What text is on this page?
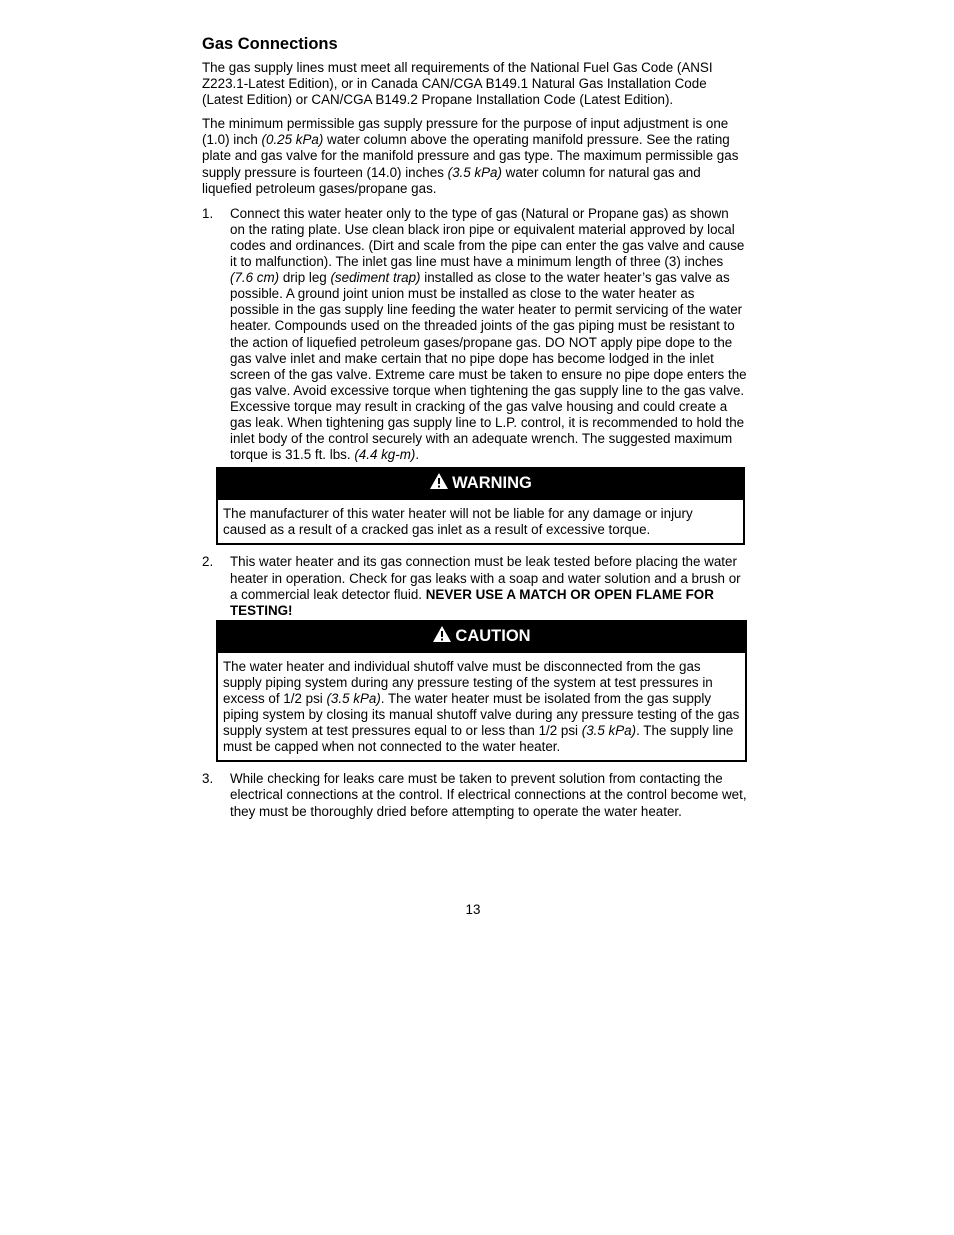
Gas Connections

The gas supply lines must meet all requirements of the National Fuel Gas Code (ANSI Z223.1-Latest Edition), or in Canada CAN/CGA B149.1 Natural Gas Installation Code (Latest Edition) or CAN/CGA B149.2 Propane Installation Code (Latest Edition).

The minimum permissible gas supply pressure for the purpose of input adjustment is one (1.0) inch (0.25 kPa) water column above the operating manifold pressure. See the rating plate and gas valve for the manifold pressure and gas type. The maximum permissible gas supply pressure is fourteen (14.0) inches (3.5 kPa) water column for natural gas and liquefied petroleum gases/propane gas.

1. Connect this water heater only to the type of gas (Natural or Propane gas) as shown on the rating plate. Use clean black iron pipe or equivalent material approved by local codes and ordinances. (Dirt and scale from the pipe can enter the gas valve and cause it to malfunction). The inlet gas line must have a minimum length of three (3) inches (7.6 cm) drip leg (sediment trap) installed as close to the water heater’s gas valve as possible. A ground joint union must be installed as close to the water heater as possible in the gas supply line feeding the water heater to permit servicing of the water heater. Compounds used on the threaded joints of the gas piping must be resistant to the action of liquefied petroleum gases/propane gas. DO NOT apply pipe dope to the gas valve inlet and make certain that no pipe dope has become lodged in the inlet screen of the gas valve. Extreme care must be taken to ensure no pipe dope enters the gas valve. Avoid excessive torque when tightening the gas supply line to the gas valve. Excessive torque may result in cracking of the gas valve housing and could create a gas leak. When tightening gas supply line to L.P. control, it is recommended to hold the inlet body of the control securely with an adequate wrench. The suggested maximum torque is 31.5 ft. lbs. (4.4 kg-m).
WARNING
The manufacturer of this water heater will not be liable for any damage or injury caused as a result of a cracked gas inlet as a result of excessive torque.
2. This water heater and its gas connection must be leak tested before placing the water heater in operation. Check for gas leaks with a soap and water solution and a brush or a commercial leak detector fluid. NEVER USE A MATCH OR OPEN FLAME FOR TESTING!
CAUTION
The water heater and individual shutoff valve must be disconnected from the gas supply piping system during any pressure testing of the system at test pressures in excess of 1/2 psi (3.5 kPa). The water heater must be isolated from the gas supply piping system by closing its manual shutoff valve during any pressure testing of the gas supply system at test pressures equal to or less than 1/2 psi (3.5 kPa). The supply line must be capped when not connected to the water heater.
3. While checking for leaks care must be taken to prevent solution from contacting the electrical connections at the control. If electrical connections at the control become wet, they must be thoroughly dried before attempting to operate the water heater.
13
